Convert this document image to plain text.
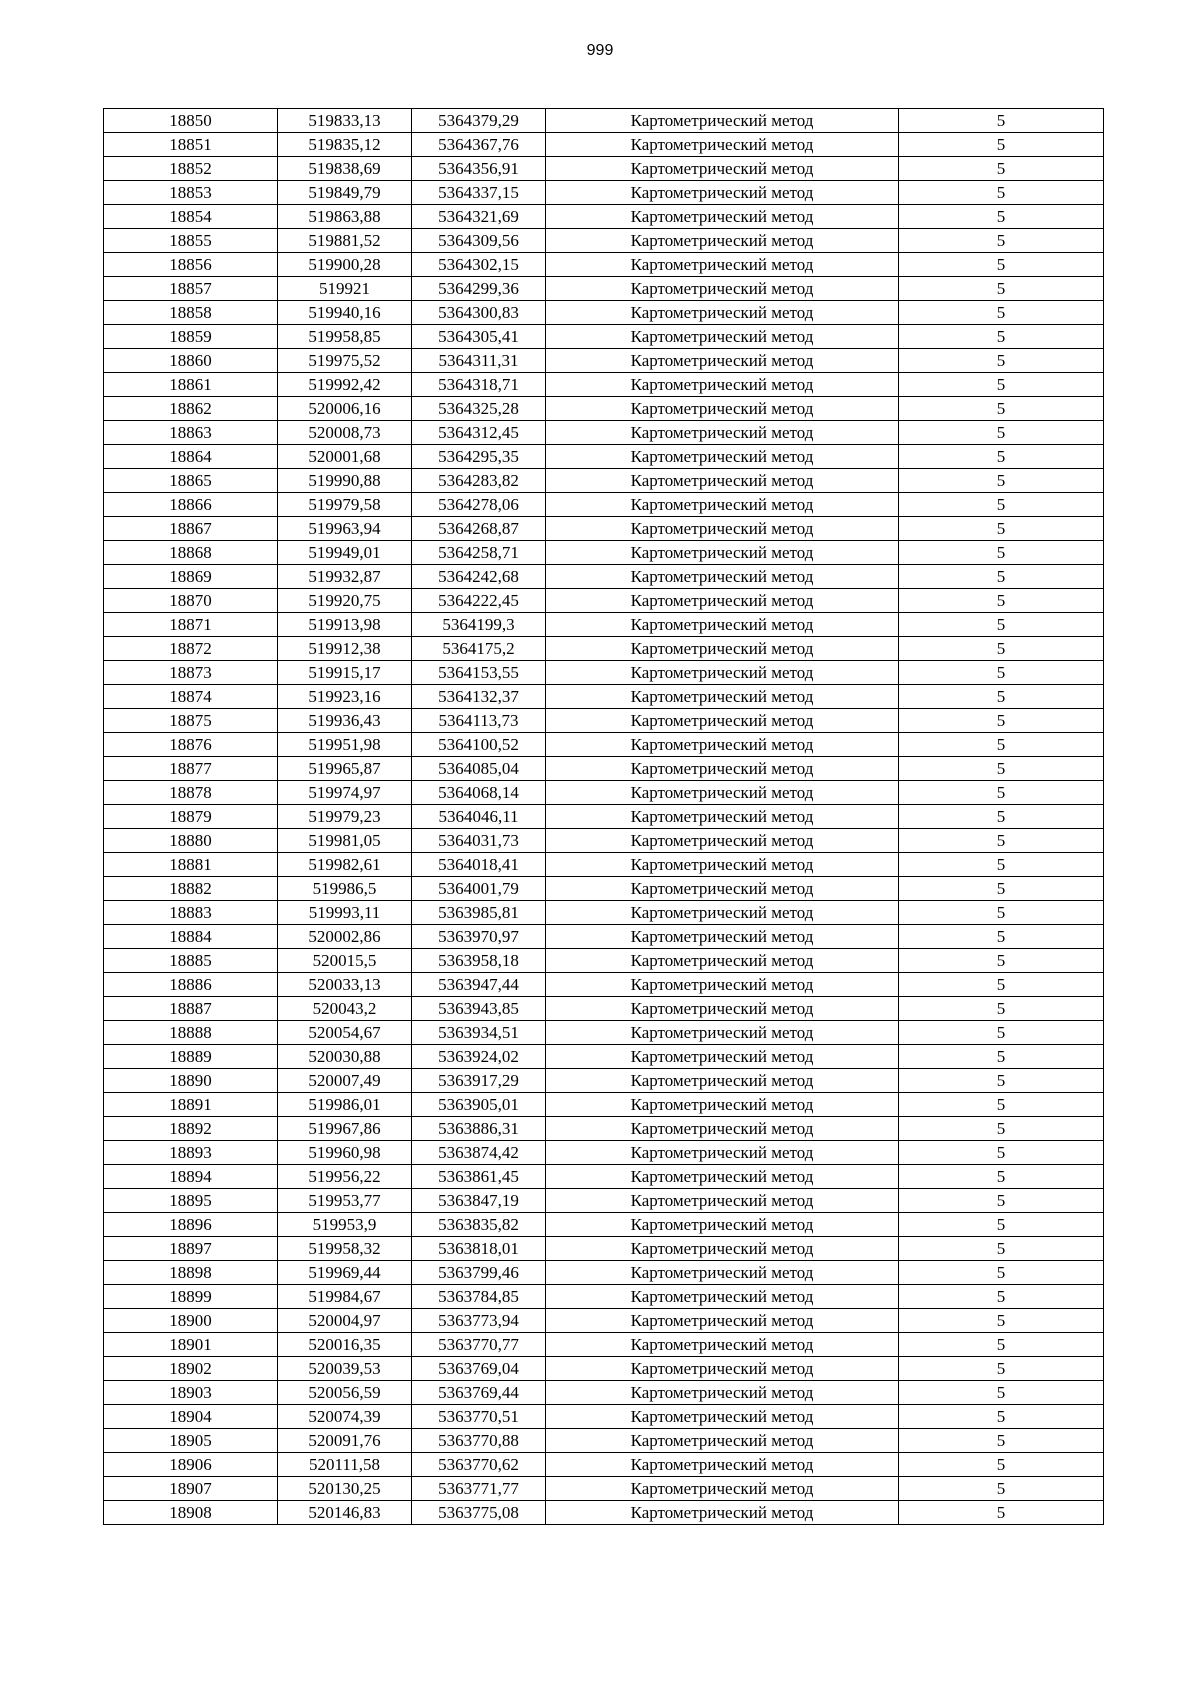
999
18850	519833,13	5364379,29	Картометрический метод	5
18851	519835,12	5364367,76	Картометрический метод	5
18852	519838,69	5364356,91	Картометрический метод	5
18853	519849,79	5364337,15	Картометрический метод	5
18854	519863,88	5364321,69	Картометрический метод	5
18855	519881,52	5364309,56	Картометрический метод	5
18856	519900,28	5364302,15	Картометрический метод	5
18857	519921	5364299,36	Картометрический метод	5
18858	519940,16	5364300,83	Картометрический метод	5
18859	519958,85	5364305,41	Картометрический метод	5
18860	519975,52	5364311,31	Картометрический метод	5
18861	519992,42	5364318,71	Картометрический метод	5
18862	520006,16	5364325,28	Картометрический метод	5
18863	520008,73	5364312,45	Картометрический метод	5
18864	520001,68	5364295,35	Картометрический метод	5
18865	519990,88	5364283,82	Картометрический метод	5
18866	519979,58	5364278,06	Картометрический метод	5
18867	519963,94	5364268,87	Картометрический метод	5
18868	519949,01	5364258,71	Картометрический метод	5
18869	519932,87	5364242,68	Картометрический метод	5
18870	519920,75	5364222,45	Картометрический метод	5
18871	519913,98	5364199,3	Картометрический метод	5
18872	519912,38	5364175,2	Картометрический метод	5
18873	519915,17	5364153,55	Картометрический метод	5
18874	519923,16	5364132,37	Картометрический метод	5
18875	519936,43	5364113,73	Картометрический метод	5
18876	519951,98	5364100,52	Картометрический метод	5
18877	519965,87	5364085,04	Картометрический метод	5
18878	519974,97	5364068,14	Картометрический метод	5
18879	519979,23	5364046,11	Картометрический метод	5
18880	519981,05	5364031,73	Картометрический метод	5
18881	519982,61	5364018,41	Картометрический метод	5
18882	519986,5	5364001,79	Картометрический метод	5
18883	519993,11	5363985,81	Картометрический метод	5
18884	520002,86	5363970,97	Картометрический метод	5
18885	520015,5	5363958,18	Картометрический метод	5
18886	520033,13	5363947,44	Картометрический метод	5
18887	520043,2	5363943,85	Картометрический метод	5
18888	520054,67	5363934,51	Картометрический метод	5
18889	520030,88	5363924,02	Картометрический метод	5
18890	520007,49	5363917,29	Картометрический метод	5
18891	519986,01	5363905,01	Картометрический метод	5
18892	519967,86	5363886,31	Картометрический метод	5
18893	519960,98	5363874,42	Картометрический метод	5
18894	519956,22	5363861,45	Картометрический метод	5
18895	519953,77	5363847,19	Картометрический метод	5
18896	519953,9	5363835,82	Картометрический метод	5
18897	519958,32	5363818,01	Картометрический метод	5
18898	519969,44	5363799,46	Картометрический метод	5
18899	519984,67	5363784,85	Картометрический метод	5
18900	520004,97	5363773,94	Картометрический метод	5
18901	520016,35	5363770,77	Картометрический метод	5
18902	520039,53	5363769,04	Картометрический метод	5
18903	520056,59	5363769,44	Картометрический метод	5
18904	520074,39	5363770,51	Картометрический метод	5
18905	520091,76	5363770,88	Картометрический метод	5
18906	520111,58	5363770,62	Картометрический метод	5
18907	520130,25	5363771,77	Картометрический метод	5
18908	520146,83	5363775,08	Картометрический метод	5
